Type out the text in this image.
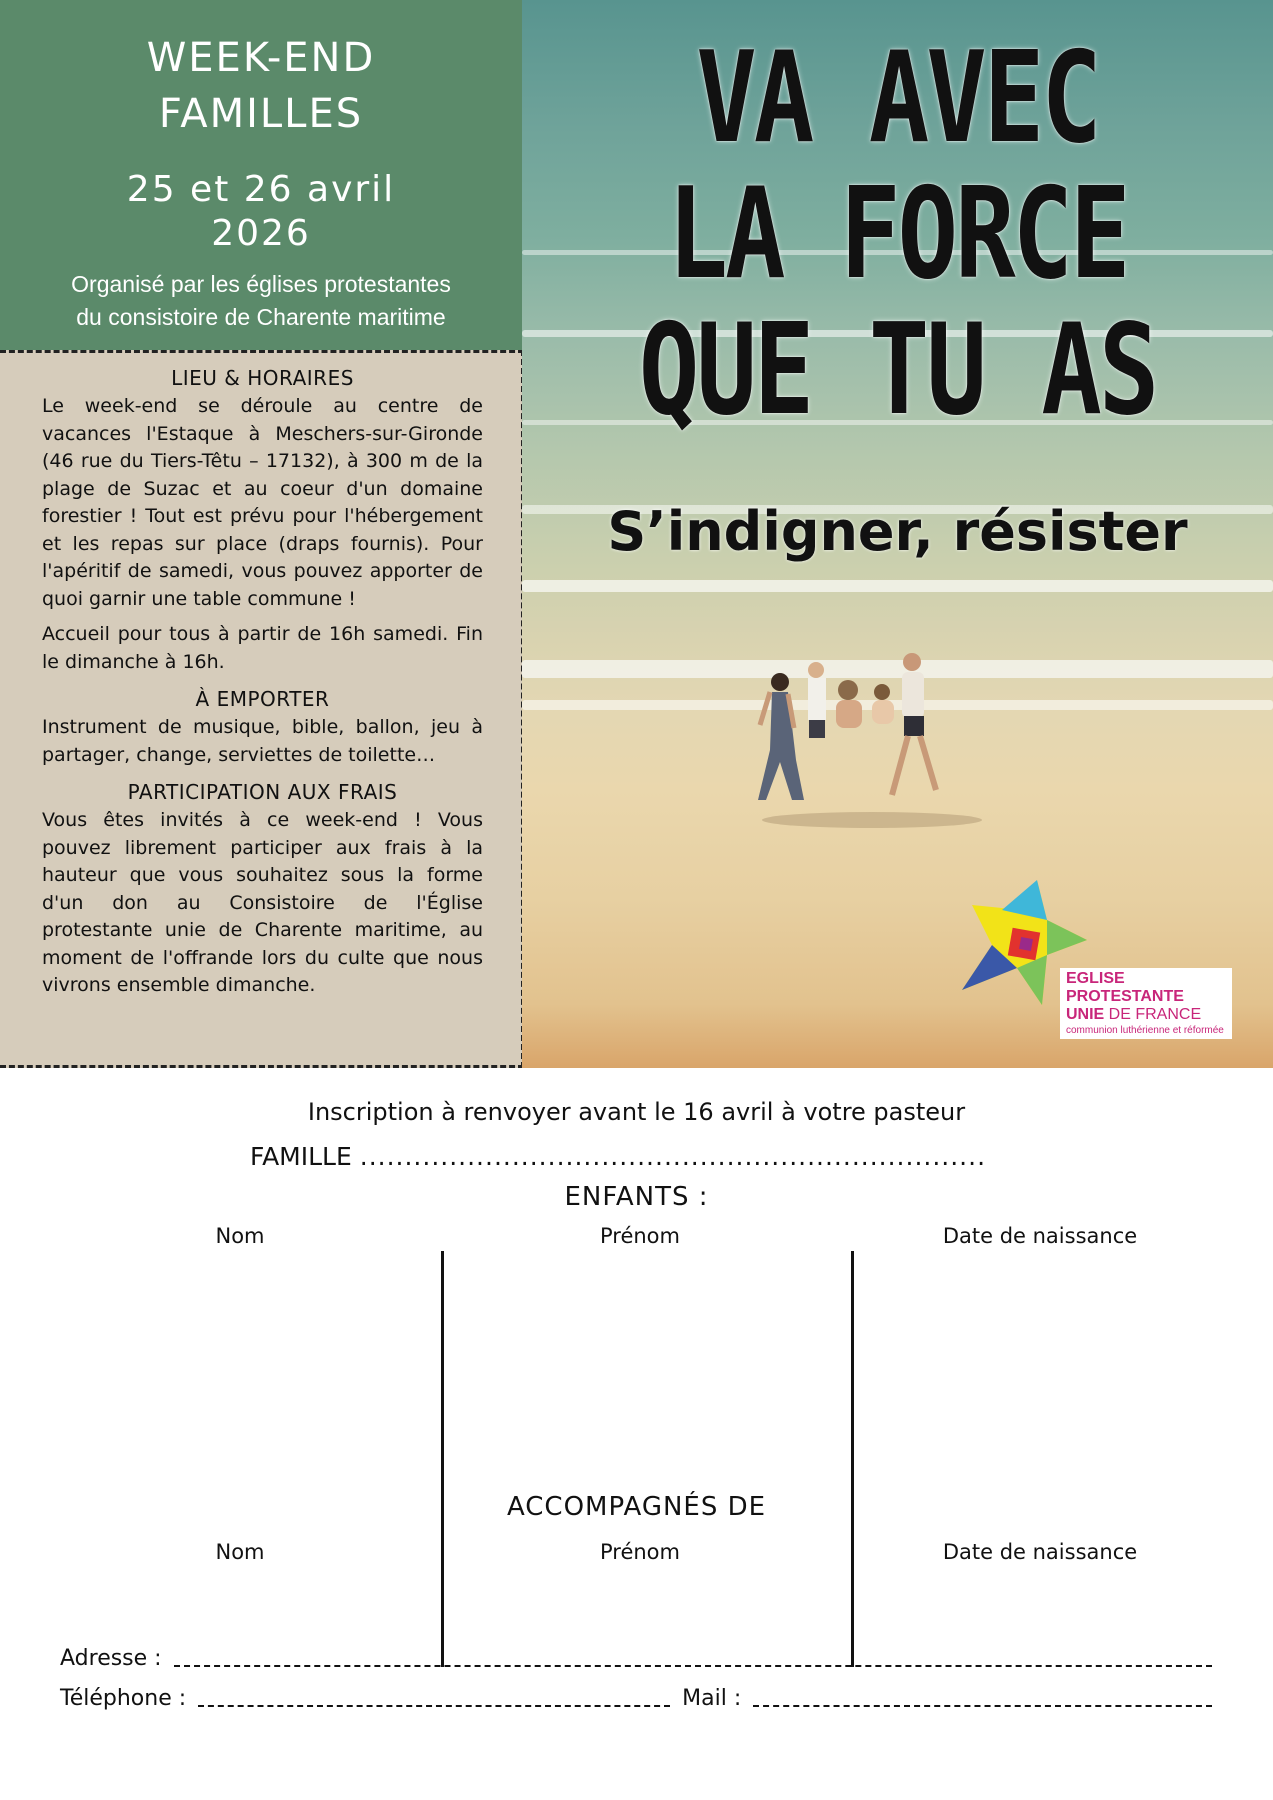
WEEK-END
FAMILLES
25 et 26 avril
2026
Organisé par les églises protestantes
du consistoire de Charente maritime
LIEU & HORAIRES

Le week-end se déroule au centre de vacances l'Estaque à Meschers-sur-Gironde (46 rue du Tiers-Têtu – 17132), à 300 m de la plage de Suzac et au coeur d'un domaine forestier ! Tout est prévu pour l'hébergement et les repas sur place (draps fournis). Pour l'apéritif de samedi, vous pouvez apporter de quoi garnir une table commune !

Accueil pour tous à partir de 16h samedi. Fin le dimanche à 16h.

À EMPORTER

Instrument de musique, bible, ballon, jeu à partager, change, serviettes de toilette…

PARTICIPATION AUX FRAIS

Vous êtes invités à ce week-end ! Vous pouvez librement participer aux frais à la hauteur que vous souhaitez sous la forme d'un don au Consistoire de l'Église protestante unie de Charente maritime, au moment de l'offrande lors du culte que nous vivrons ensemble dimanche.

VA AVEC
LA FORCE
QUE TU AS
S’indigner, résister
EGLISE PROTESTANTE
UNIE DE FRANCE
communion luthérienne et réformée
Inscription à renvoyer avant le 16 avril à votre pasteur
FAMILLE ......................................................................
ENFANTS :
Nom	Prénom	Date de naissance
ACCOMPAGNÉS DE
Nom	Prénom	Date de naissance
Adresse :
Téléphone :	Mail :
